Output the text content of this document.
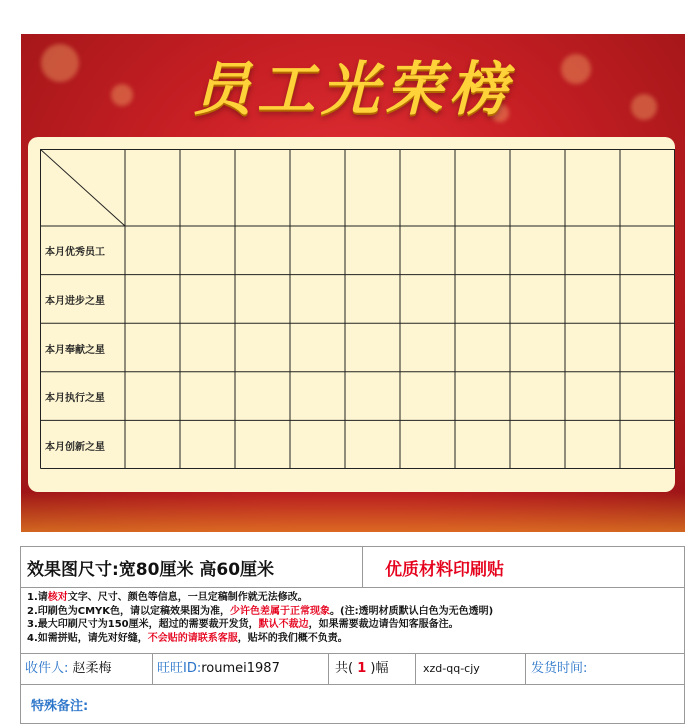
员工光荣榜
本月优秀员工
本月进步之星
本月奉献之星
本月执行之星
本月创新之星
效果图尺寸:宽80厘米 高60厘米	优质材料印刷贴
1.请核对文字、尺寸、颜色等信息，一旦定稿制作就无法修改。
2.印刷色为CMYK色，请以定稿效果图为准，少许色差属于正常现象。(注:透明材质默认白色为无色透明)
3.最大印刷尺寸为150厘米，超过的需要裁开发货，默认不裁边，如果需要裁边请告知客服备注。
4.如需拼贴，请先对好缝，不会贴的请联系客服，贴坏的我们概不负责。
收件人: 赵柔梅	旺旺ID:roumei1987	共( 1 )幅	xzd-qq-cjy	发货时间:
特殊备注:
